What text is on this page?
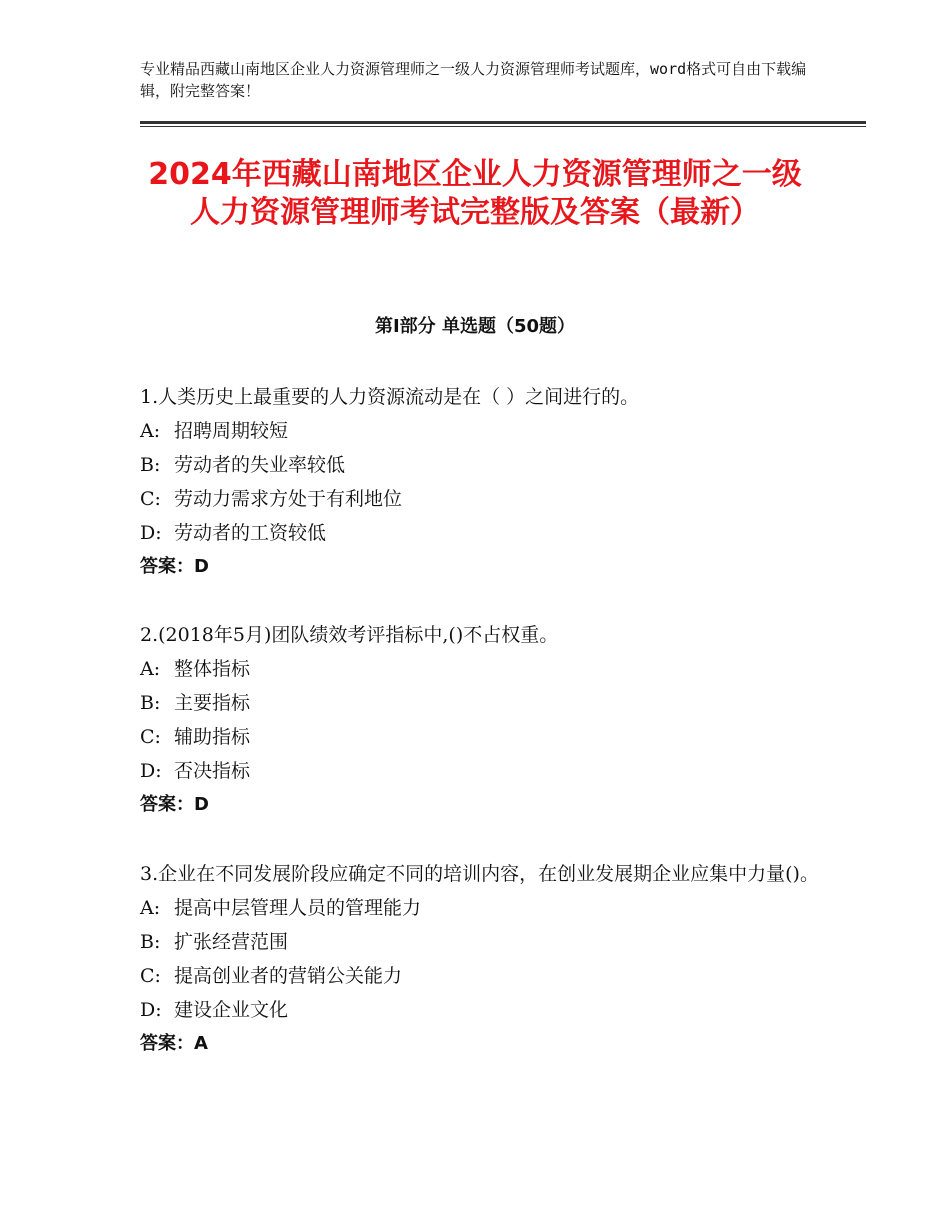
专业精品西藏山南地区企业人力资源管理师之一级人力资源管理师考试题库，word格式可自由下载编辑，附完整答案！
2024年西藏山南地区企业人力资源管理师之一级人力资源管理师考试完整版及答案（最新）
第Ⅰ部分 单选题（50题）

1.人类历史上最重要的人力资源流动是在（ ）之间进行的。

A: 招聘周期较短

B: 劳动者的失业率较低

C: 劳动力需求方处于有利地位

D: 劳动者的工资较低

答案：D

2.(2018年5月)团队绩效考评指标中,()不占权重。

A: 整体指标

B: 主要指标

C: 辅助指标

D: 否决指标

答案：D

3.企业在不同发展阶段应确定不同的培训内容，在创业发展期企业应集中力量()。

A: 提高中层管理人员的管理能力

B: 扩张经营范围

C: 提高创业者的营销公关能力

D: 建设企业文化

答案：A
